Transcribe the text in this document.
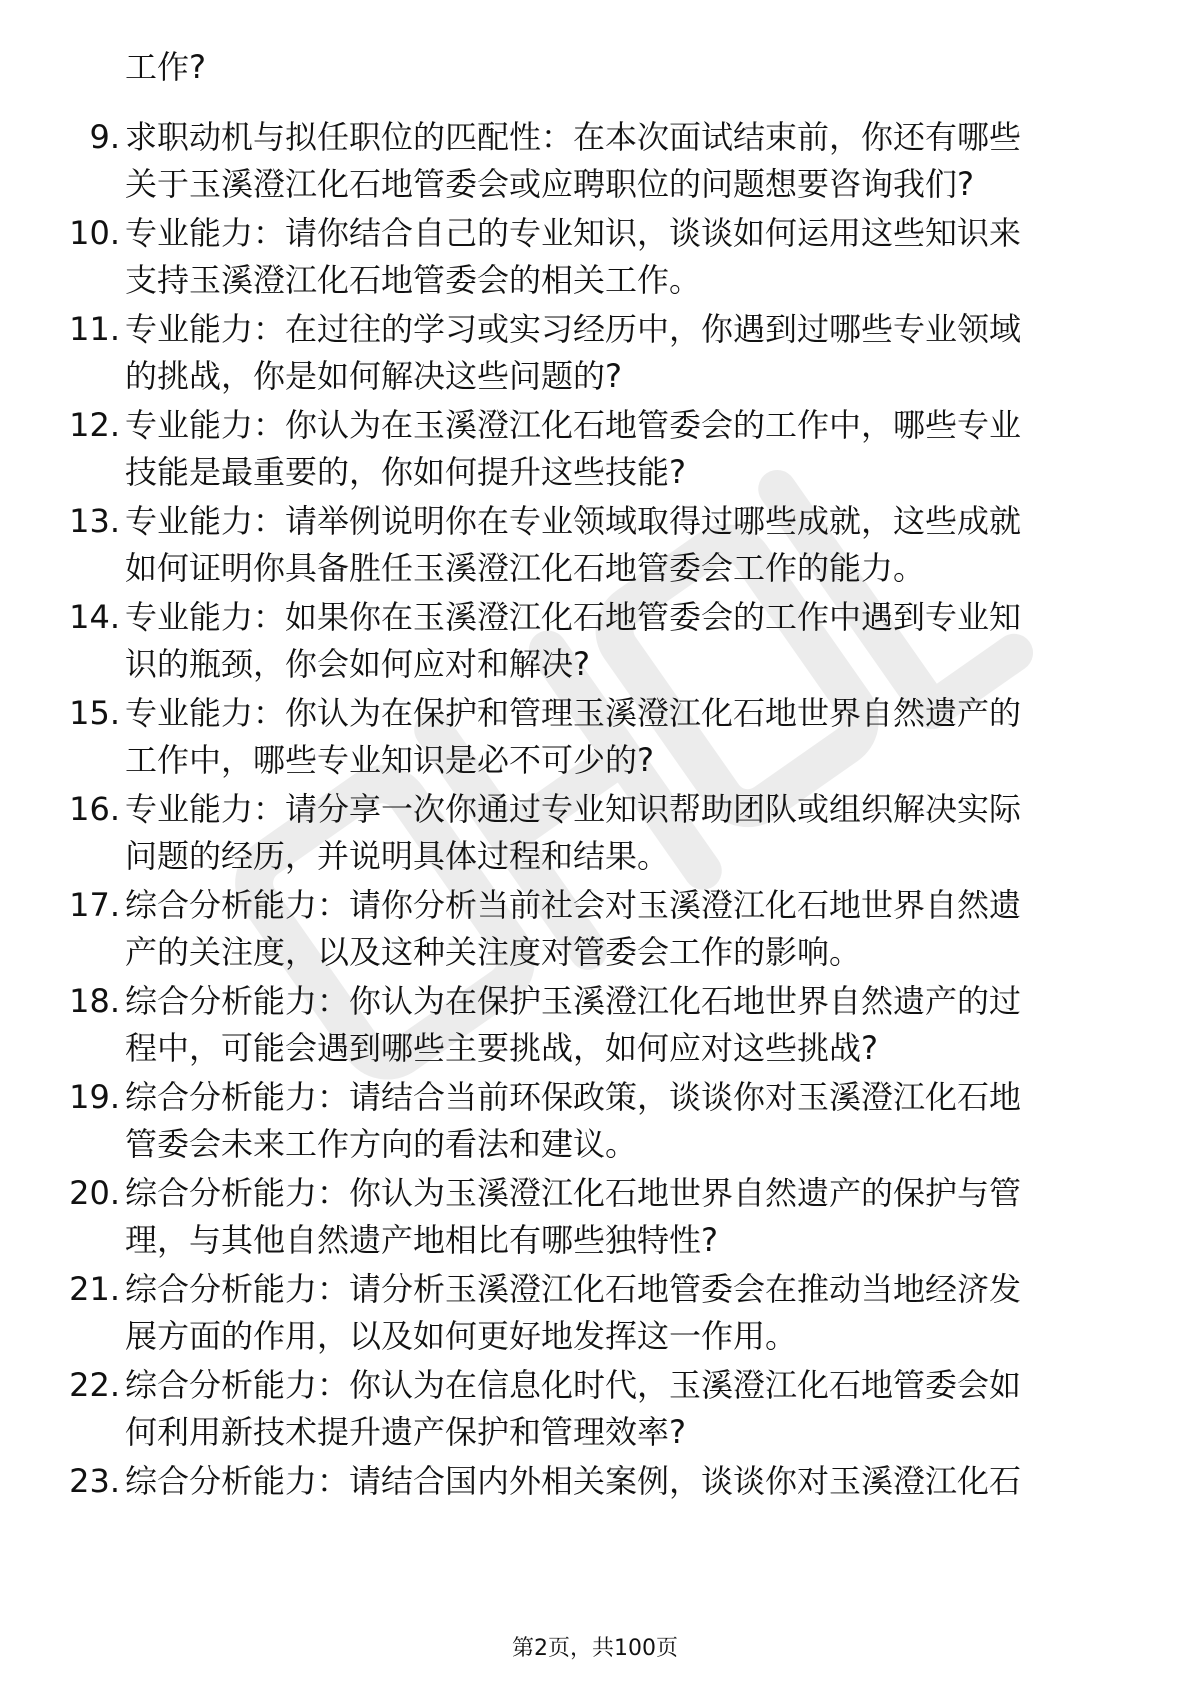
工作?

9. 求职动机与拟任职位的匹配性：在本次面试结束前，你还有哪些
关于玉溪澄江化石地管委会或应聘职位的问题想要咨询我们?

10. 专业能力：请你结合自己的专业知识，谈谈如何运用这些知识来
支持玉溪澄江化石地管委会的相关工作。

11. 专业能力：在过往的学习或实习经历中，你遇到过哪些专业领域
的挑战，你是如何解决这些问题的?

12. 专业能力：你认为在玉溪澄江化石地管委会的工作中，哪些专业
技能是最重要的，你如何提升这些技能?

13. 专业能力：请举例说明你在专业领域取得过哪些成就，这些成就
如何证明你具备胜任玉溪澄江化石地管委会工作的能力。

14. 专业能力：如果你在玉溪澄江化石地管委会的工作中遇到专业知
识的瓶颈，你会如何应对和解决?

15. 专业能力：你认为在保护和管理玉溪澄江化石地世界自然遗产的
工作中，哪些专业知识是必不可少的?

16. 专业能力：请分享一次你通过专业知识帮助团队或组织解决实际
问题的经历，并说明具体过程和结果。

17. 综合分析能力：请你分析当前社会对玉溪澄江化石地世界自然遗
产的关注度，以及这种关注度对管委会工作的影响。

18. 综合分析能力：你认为在保护玉溪澄江化石地世界自然遗产的过
程中，可能会遇到哪些主要挑战，如何应对这些挑战?

19. 综合分析能力：请结合当前环保政策，谈谈你对玉溪澄江化石地
管委会未来工作方向的看法和建议。

20. 综合分析能力：你认为玉溪澄江化石地世界自然遗产的保护与管
理，与其他自然遗产地相比有哪些独特性?

21. 综合分析能力：请分析玉溪澄江化石地管委会在推动当地经济发
展方面的作用，以及如何更好地发挥这一作用。

22. 综合分析能力：你认为在信息化时代，玉溪澄江化石地管委会如
何利用新技术提升遗产保护和管理效率?

23. 综合分析能力：请结合国内外相关案例，谈谈你对玉溪澄江化石

第2页，共100页
